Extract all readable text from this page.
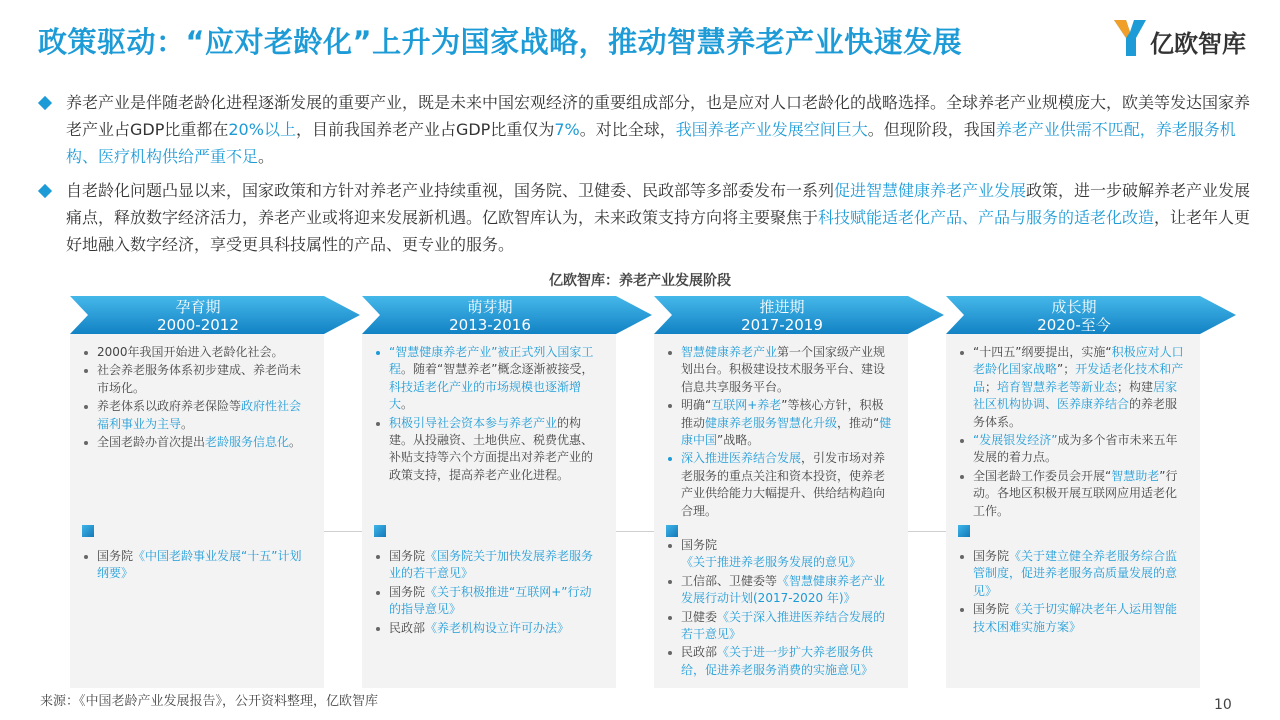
政策驱动：“应对老龄化”上升为国家战略，推动智慧养老产业快速发展	亿欧智库
养老产业是伴随老龄化进程逐渐发展的重要产业，既是未来中国宏观经济的重要组成部分，也是应对人口老龄化的战略选择。全球养老产业规模庞大，欧美等发达国家养老产业占GDP比重都在20%以上，目前我国养老产业占GDP比重仅为7%。对比全球，我国养老产业发展空间巨大。但现阶段，我国养老产业供需不匹配，养老服务机构、医疗机构供给严重不足。
自老龄化问题凸显以来，国家政策和方针对养老产业持续重视，国务院、卫健委、民政部等多部委发布一系列促进智慧健康养老产业发展政策，进一步破解养老产业发展痛点，释放数字经济活力，养老产业或将迎来发展新机遇。亿欧智库认为，未来政策支持方向将主要聚焦于科技赋能适老化产品、产品与服务的适老化改造，让老年人更好地融入数字经济，享受更具科技属性的产品、更专业的服务。
亿欧智库：养老产业发展阶段
孕育期
2000-2012
2000年我国开始进入老龄化社会。
社会养老服务体系初步建成、养老尚未市场化。
养老体系以政府养老保险等政府性社会福利事业为主导。
全国老龄办首次提出老龄服务信息化。
国务院《中国老龄事业发展“十五”计划纲要》
萌芽期
2013-2016
“智慧健康养老产业”被正式列入国家工程。随着“智慧养老”概念逐渐被接受，科技适老化产业的市场规模也逐渐增大。
积极引导社会资本参与养老产业的构建。从投融资、土地供应、税费优惠、补贴支持等六个方面提出对养老产业的政策支持，提高养老产业化进程。
国务院《国务院关于加快发展养老服务业的若干意见》
国务院《关于积极推进“互联网+”行动的指导意见》
民政部《养老机构设立许可办法》
推进期
2017-2019
智慧健康养老产业第一个国家级产业规划出台。积极建设技术服务平台、建设信息共享服务平台。
明确“互联网+养老”等核心方针，积极推动健康养老服务智慧化升级，推动“健康中国”战略。
深入推进医养结合发展，引发市场对养老服务的重点关注和资本投资，使养老产业供给能力大幅提升、供给结构趋向合理。
国务院《关于推进养老服务发展的意见》
工信部、卫健委等《智慧健康养老产业发展行动计划(2017-2020 年)》
卫健委《关于深入推进医养结合发展的若干意见》
民政部《关于进一步扩大养老服务供给，促进养老服务消费的实施意见》
成长期
2020-至今
“十四五”纲要提出，实施“积极应对人口老龄化国家战略”；开发适老化技术和产品；培育智慧养老等新业态；构建居家社区机构协调、医养康养结合的养老服务体系。
“发展银发经济”成为多个省市未来五年发展的着力点。
全国老龄工作委员会开展“智慧助老”行动。各地区积极开展互联网应用适老化工作。
国务院《关于建立健全养老服务综合监管制度，促进养老服务高质量发展的意见》
国务院《关于切实解决老年人运用智能技术困难实施方案》
来源：《中国老龄产业发展报告》，公开资料整理，亿欧智库	10
